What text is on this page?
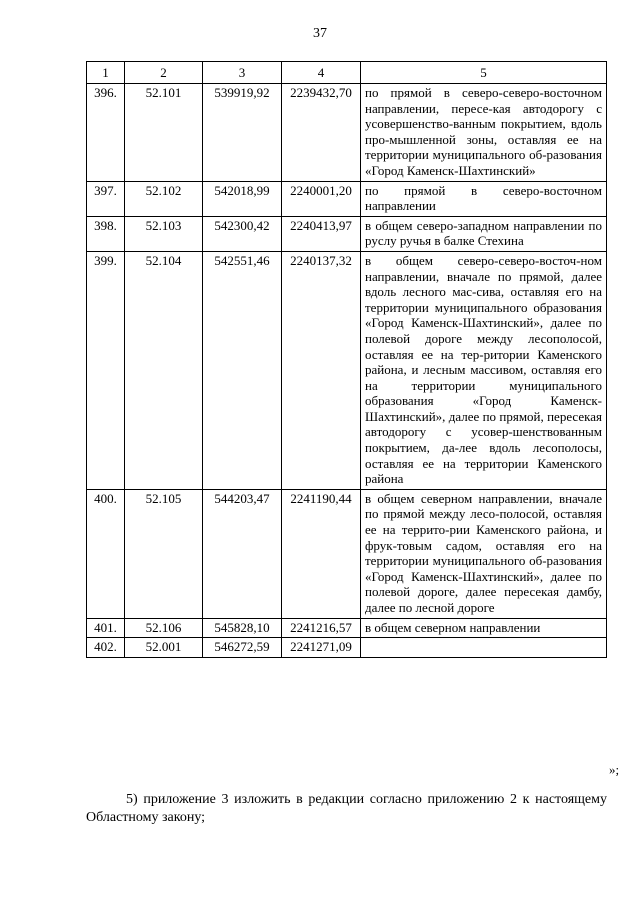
37
1	2	3	4	5
396.	52.101	539919,92	2239432,70	по прямой в северо-северо-восточном направлении, пересе-кая автодорогу с усовершенство-ванным покрытием, вдоль про-мышленной зоны, оставляя ее на территории муниципального об-разования «Город Каменск-Шахтинский»
397.	52.102	542018,99	2240001,20	по прямой в северо-восточном направлении
398.	52.103	542300,42	2240413,97	в общем северо-западном направлении по руслу ручья в балке Стехина
399.	52.104	542551,46	2240137,32	в общем северо-северо-восточ-ном направлении, вначале по прямой, далее вдоль лесного мас-сива, оставляя его на территории муниципального образования «Город Каменск-Шахтинский», далее по полевой дороге между лесополосой, оставляя ее на тер-ритории Каменского района, и лесным массивом, оставляя его на территории муниципального образования «Город Каменск-Шахтинский», далее по прямой, пересекая автодорогу с усовер-шенствованным покрытием, да-лее вдоль лесополосы, оставляя ее на территории Каменского района
400.	52.105	544203,47	2241190,44	в общем северном направлении, вначале по прямой между лесо-полосой, оставляя ее на террито-рии Каменского района, и фрук-товым садом, оставляя его на территории муниципального об-разования «Город Каменск-Шахтинский», далее по полевой дороге, далее пересекая дамбу, далее по лесной дороге
401.	52.106	545828,10	2241216,57	в общем северном направлении
402.	52.001	546272,59	2241271,09	
»;

5) приложение 3 изложить в редакции согласно приложению 2 к настоящему Областному закону;
